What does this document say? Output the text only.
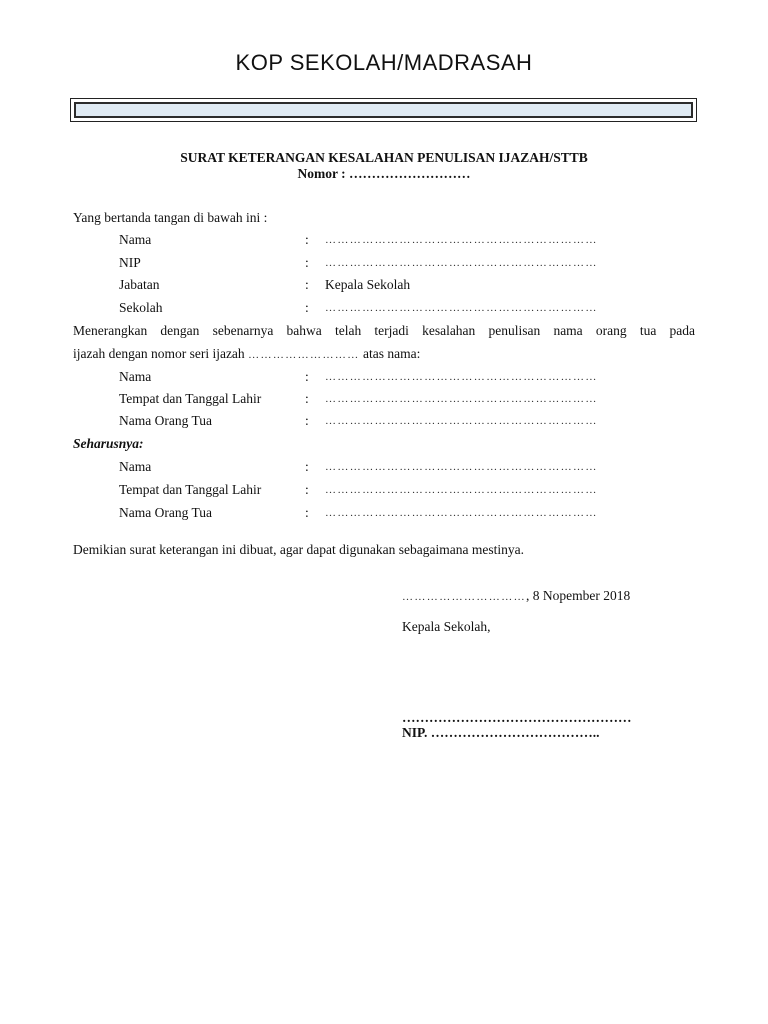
KOP SEKOLAH/MADRASAH
SURAT KETERANGAN KESALAHAN PENULISAN IJAZAH/STTB
Nomor : ………………………
Yang bertanda tangan di bawah ini :
Nama	: …………………………………………………………
NIP	: …………………………………………………………
Jabatan	: Kepala Sekolah
Sekolah	: …………………………………………………………
Menerangkan dengan sebenarnya bahwa telah terjadi kesalahan penulisan nama orang tua pada
ijazah dengan nomor seri ijazah ……………………… atas nama:
Nama	: …………………………………………………………
Tempat dan Tanggal Lahir	: …………………………………………………………
Nama Orang Tua	: …………………………………………………………
Seharusnya:
Nama	: …………………………………………………………
Tempat dan Tanggal Lahir	: …………………………………………………………
Nama Orang Tua	: …………………………………………………………
Demikian surat keterangan ini dibuat, agar dapat digunakan sebagaimana mestinya.
…………………………, 8 Nopember 2018
Kepala Sekolah,
……………………………………………
NIP. ………………………………..
